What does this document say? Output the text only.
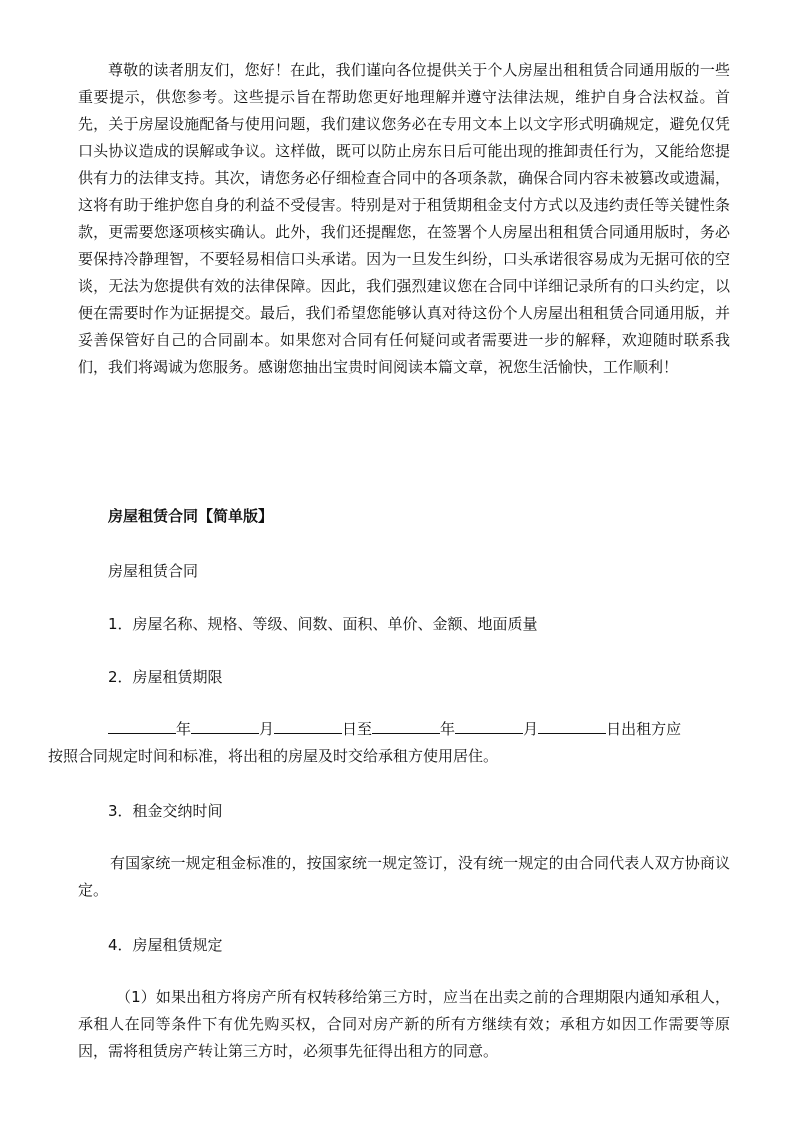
尊敬的读者朋友们，您好！在此，我们谨向各位提供关于个人房屋出租租赁合同通用版的一些重要提示，供您参考。这些提示旨在帮助您更好地理解并遵守法律法规，维护自身合法权益。首先，关于房屋设施配备与使用问题，我们建议您务必在专用文本上以文字形式明确规定，避免仅凭口头协议造成的误解或争议。这样做，既可以防止房东日后可能出现的推卸责任行为，又能给您提供有力的法律支持。其次，请您务必仔细检查合同中的各项条款，确保合同内容未被篡改或遗漏，这将有助于维护您自身的利益不受侵害。特别是对于租赁期租金支付方式以及违约责任等关键性条款，更需要您逐项核实确认。此外，我们还提醒您，在签署个人房屋出租租赁合同通用版时，务必要保持冷静理智，不要轻易相信口头承诺。因为一旦发生纠纷，口头承诺很容易成为无据可依的空谈，无法为您提供有效的法律保障。因此，我们强烈建议您在合同中详细记录所有的口头约定，以便在需要时作为证据提交。最后，我们希望您能够认真对待这份个人房屋出租租赁合同通用版，并妥善保管好自己的合同副本。如果您对合同有任何疑问或者需要进一步的解释，欢迎随时联系我们，我们将竭诚为您服务。感谢您抽出宝贵时间阅读本篇文章，祝您生活愉快，工作顺利！

房屋租赁合同【简单版】

房屋租赁合同

1．房屋名称、规格、等级、间数、面积、单价、金额、地面质量

2．房屋租赁期限

年	月	日至	年	月	日出租方应
按照合同规定时间和标准，将出租的房屋及时交给承租方使用居住。

3．租金交纳时间

有国家统一规定租金标准的，按国家统一规定签订，没有统一规定的由合同代表人双方协商议定。

4．房屋租赁规定

（1）如果出租方将房产所有权转移给第三方时，应当在出卖之前的合理期限内通知承租人，承租人在同等条件下有优先购买权，合同对房产新的所有方继续有效；承租方如因工作需要等原因，需将租赁房产转让第三方时，必须事先征得出租方的同意。
